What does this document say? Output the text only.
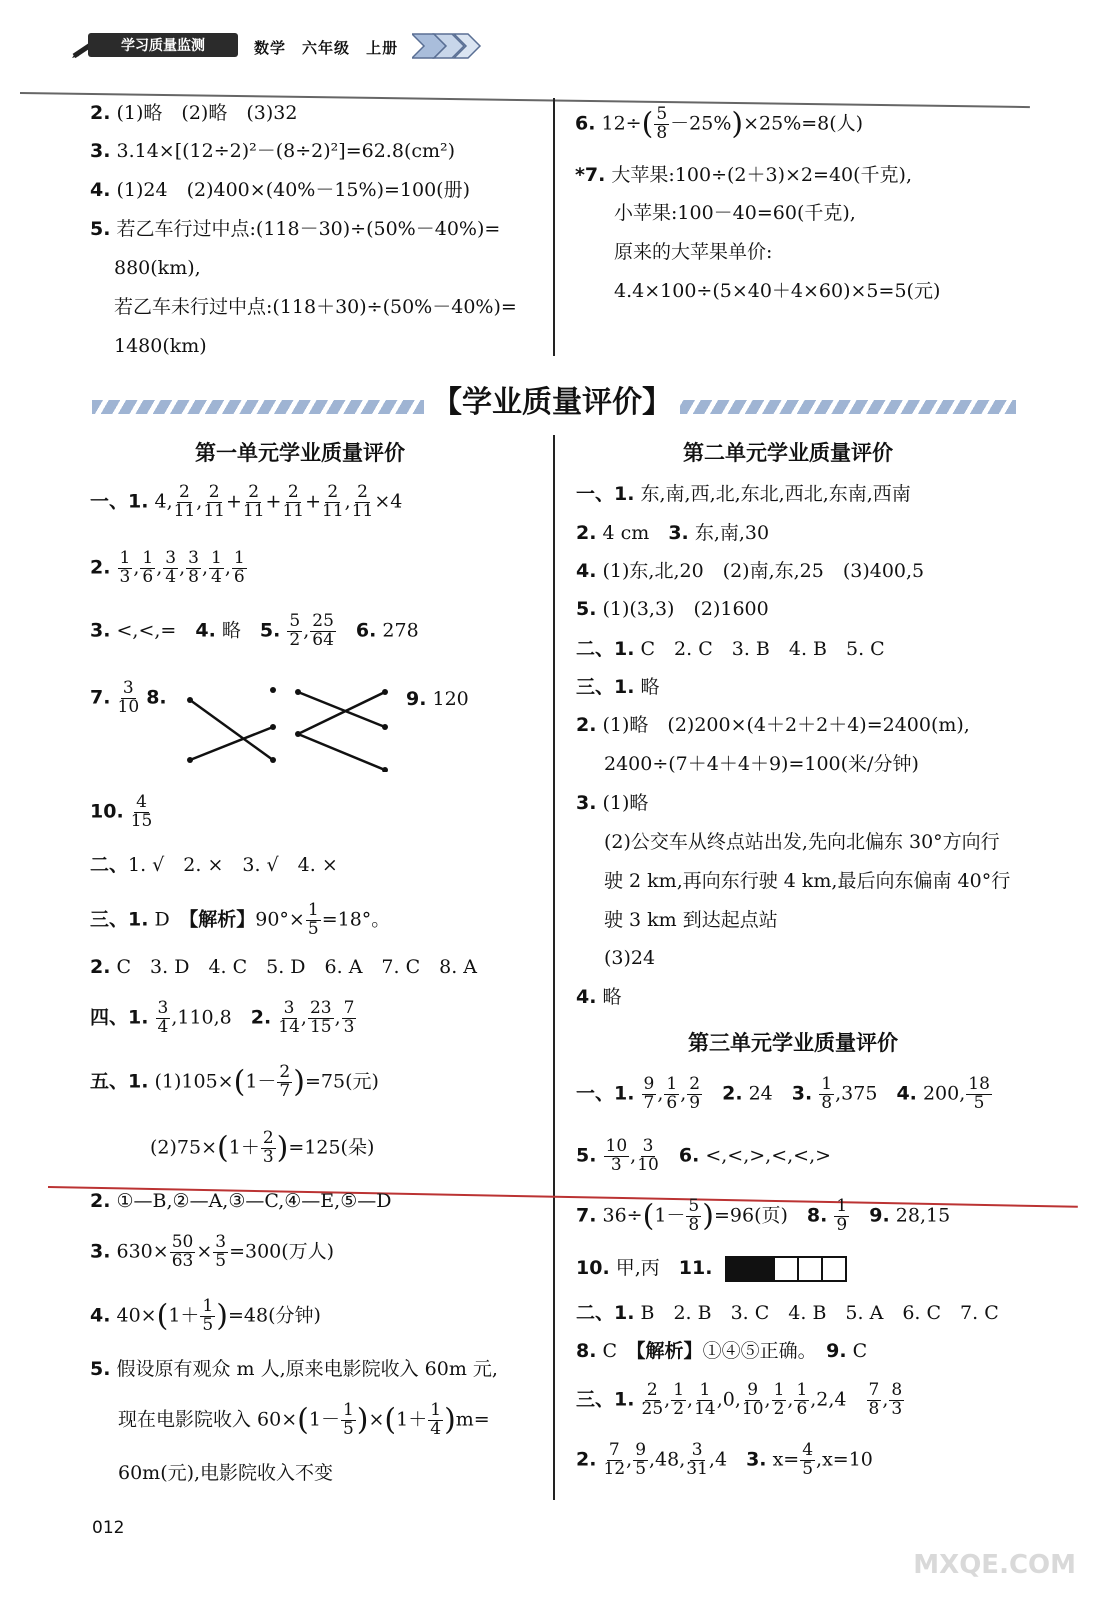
学习质量监测	数学　 六年级　 上册
2. (1)略　(2)略　(3)32
3. 3.14×[(12÷2)²－(8÷2)²]=62.8(cm²)
4. (1)24　(2)400×(40%－15%)=100(册)
5. 若乙车行过中点:(118－30)÷(50%－40%)=
880(km),
若乙车未行过中点:(118＋30)÷(50%－40%)=
1480(km)
6. $12\div( \frac{5}{8} -25\%)\times 25\%=8$(人)
*7. 大苹果:100÷(2＋3)×2=40(千克),
小苹果:100－40=60(千克),
原来的大苹果单价:
4.4×100÷(5×40＋4×60)×5=5(元)
【学业质量评价】
第一单元学业质量评价
一、1. 4, $\frac{2}{11}$ , $\frac{2}{11} + \frac{2}{11} + \frac{2}{11} + \frac{2}{11}$ , $\frac{2}{11} \times 4$
2. $\frac{1}{3}$ , $\frac{1}{6}$ , $\frac{3}{4}$ , $\frac{3}{8}$ , $\frac{1}{4}$ , $\frac{1}{6}$
3. <,<,=　 4. 略　 5. $\frac{5}{2}$ , $\frac{25}{64}$
　 6. 278
7. $\frac{3}{10} 8$.	9. 120
10. $\frac{4}{15}$
二、1. √　2. ×　3. √　4. ×
三、1. D　【解析】$90^\circ\times \frac{1}{5} =18^\circ$。
2. C　3. D　4. C　5. D　6. A　7. C　8. A
四、1. $\frac{3}{4} ,110,8$　2. $\frac{3}{14}$ , $\frac{23}{15}$ , $\frac{7}{3}$
五、1. $(1)105\times(1- \frac{2}{7} )=75$(元)
$(2)75\times(1+ \frac{2}{3} )=125$(朵)
2. ①—B,②—A,③—C,④—E,⑤—D
3. $630\times \frac{50}{63} \times \frac{3}{5} =300$(万人)
4. $40\times(1+ \frac{1}{5} )=48$(分钟)
5. 假设原有观众 m 人,原来电影院收入 60m 元,
现在电影院收入 $60\times(1- \frac{1}{5} )\times(1+ \frac{1}{4} )m=$
60m(元),电影院收入不变
第二单元学业质量评价
一、1. 东,南,西,北,东北,西北,东南,西南
2. 4 cm　 3. 东,南,30
4. (1)东,北,20　(2)南,东,25　(3)400,5
5. (1)(3,3)　(2)1600
二、1. C　2. C　3. B　4. B　5. C
三、1. 略
2. (1)略　(2)200×(4＋2＋2＋4)=2400(m),
2400÷(7＋4＋4＋9)=100(米/分钟)
3. (1)略
(2)公交车从终点站出发,先向北偏东 30°方向行
驶 2 km,再向东行驶 4 km,最后向东偏南 40°行
驶 3 km 到达起点站
(3)24
4. 略
第三单元学业质量评价
一、1. $\frac{9}{7}$ , $\frac{1}{6}$ , $\frac{2}{9}$
　 2. 24　 3. $\frac{1}{8} ,375$　 4. 200, $\frac{18}{5}$
5. $\frac{10}{3}$ , $\frac{3}{10}$
　 6. <,<,>,<,<,>
7. $36\div(1- \frac{5}{8} )=96$(页)　 8. $\frac{1}{9}$
　 9. 28,15
10. 甲,丙　 11.
二、1. B　2. B　3. C　4. B　5. A　6. C　7. C
8. C　【解析】①④⑤正确。　 9. C
三、1. $\frac{2}{25}$ , $\frac{1}{2}$ , $\frac{1}{14} ,0$, $\frac{9}{10}$ , $\frac{1}{2}$ , $\frac{1}{6} ,2,4$　 $\frac{7}{8}$ , $\frac{8}{3}$
2. $\frac{7}{12}$ , $\frac{9}{5} ,48$, $\frac{3}{31} ,4$　 3. $x= \frac{4}{5} ,x=10$
012
MXQE.COM
